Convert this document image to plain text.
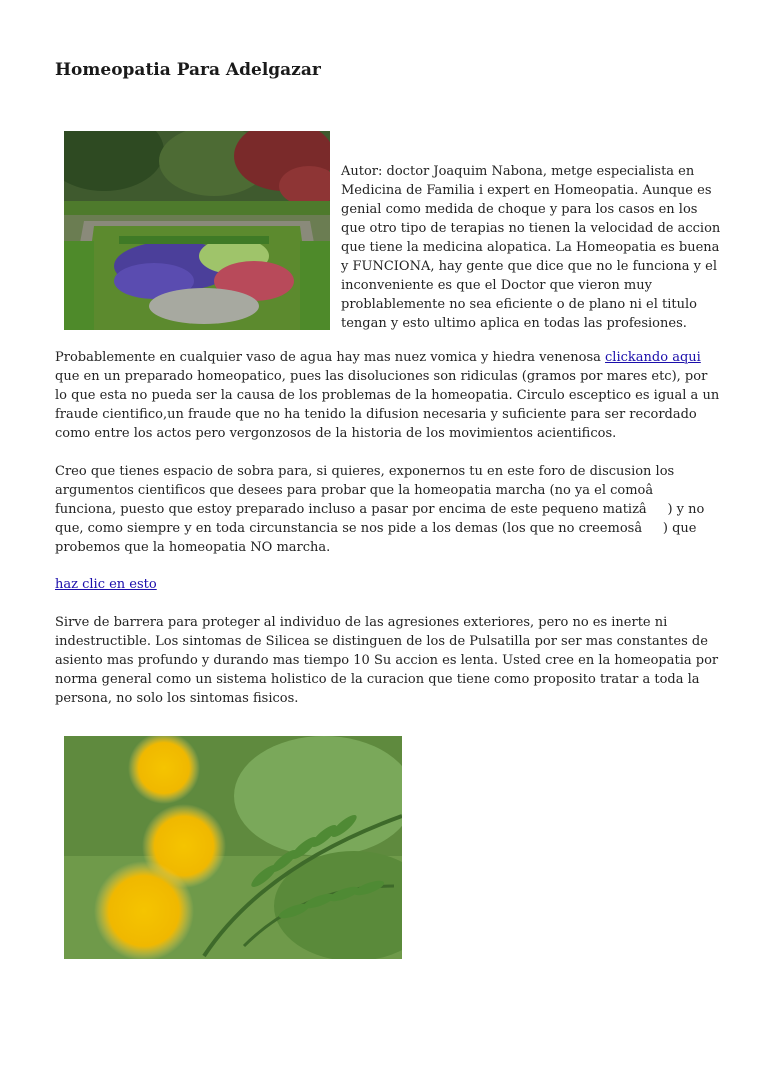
Homeopatia Para Adelgazar

Autor: doctor Joaquim Nabona, metge especialista en Medicina de Familia i expert en Homeopatia. Aunque es genial como medida de choque y para los casos en los que otro tipo de terapias no tienen la velocidad de accion que tiene la medicina alopatica. La Homeopatia es buena y FUNCIONA, hay gente que dice que no le funciona y el inconveniente es que el Doctor que vieron muy problablemente no sea eficiente o de plano ni el titulo tengan y esto ultimo aplica en todas las profesiones.

Probablemente en cualquier vaso de agua hay mas nuez vomica y hiedra venenosa clickando aqui que en un preparado homeopatico, pues las disoluciones son ridiculas (gramos por mares etc), por lo que esta no pueda ser la causa de los problemas de la homeopatia. Circulo esceptico es igual a un fraude cientifico,un fraude que no ha tenido la difusion necesaria y suficiente para ser recordado como entre los actos pero vergonzosos de la historia de los movimientos acientificos.

Creo que tienes espacio de sobra para, si quieres, exponernos tu en este foro de discusion los argumentos cientificos que desees para probar que la homeopatia marcha (no ya el comoâ funciona, puesto que estoy preparado incluso a pasar por encima de este pequeno matizâ) y no que, como siempre y en toda circunstancia se nos pide a los demas (los que no creemosâ) que probemos que la homeopatia NO marcha.

haz clic en esto

Sirve de barrera para proteger al individuo de las agresiones exteriores, pero no es inerte ni indestructible. Los sintomas de Silicea se distinguen de los de Pulsatilla por ser mas constantes de asiento mas profundo y durando mas tiempo 10 Su accion es lenta. Usted cree en la homeopatia por norma general como un sistema holistico de la curacion que tiene como proposito tratar a toda la persona, no solo los sintomas fisicos.
